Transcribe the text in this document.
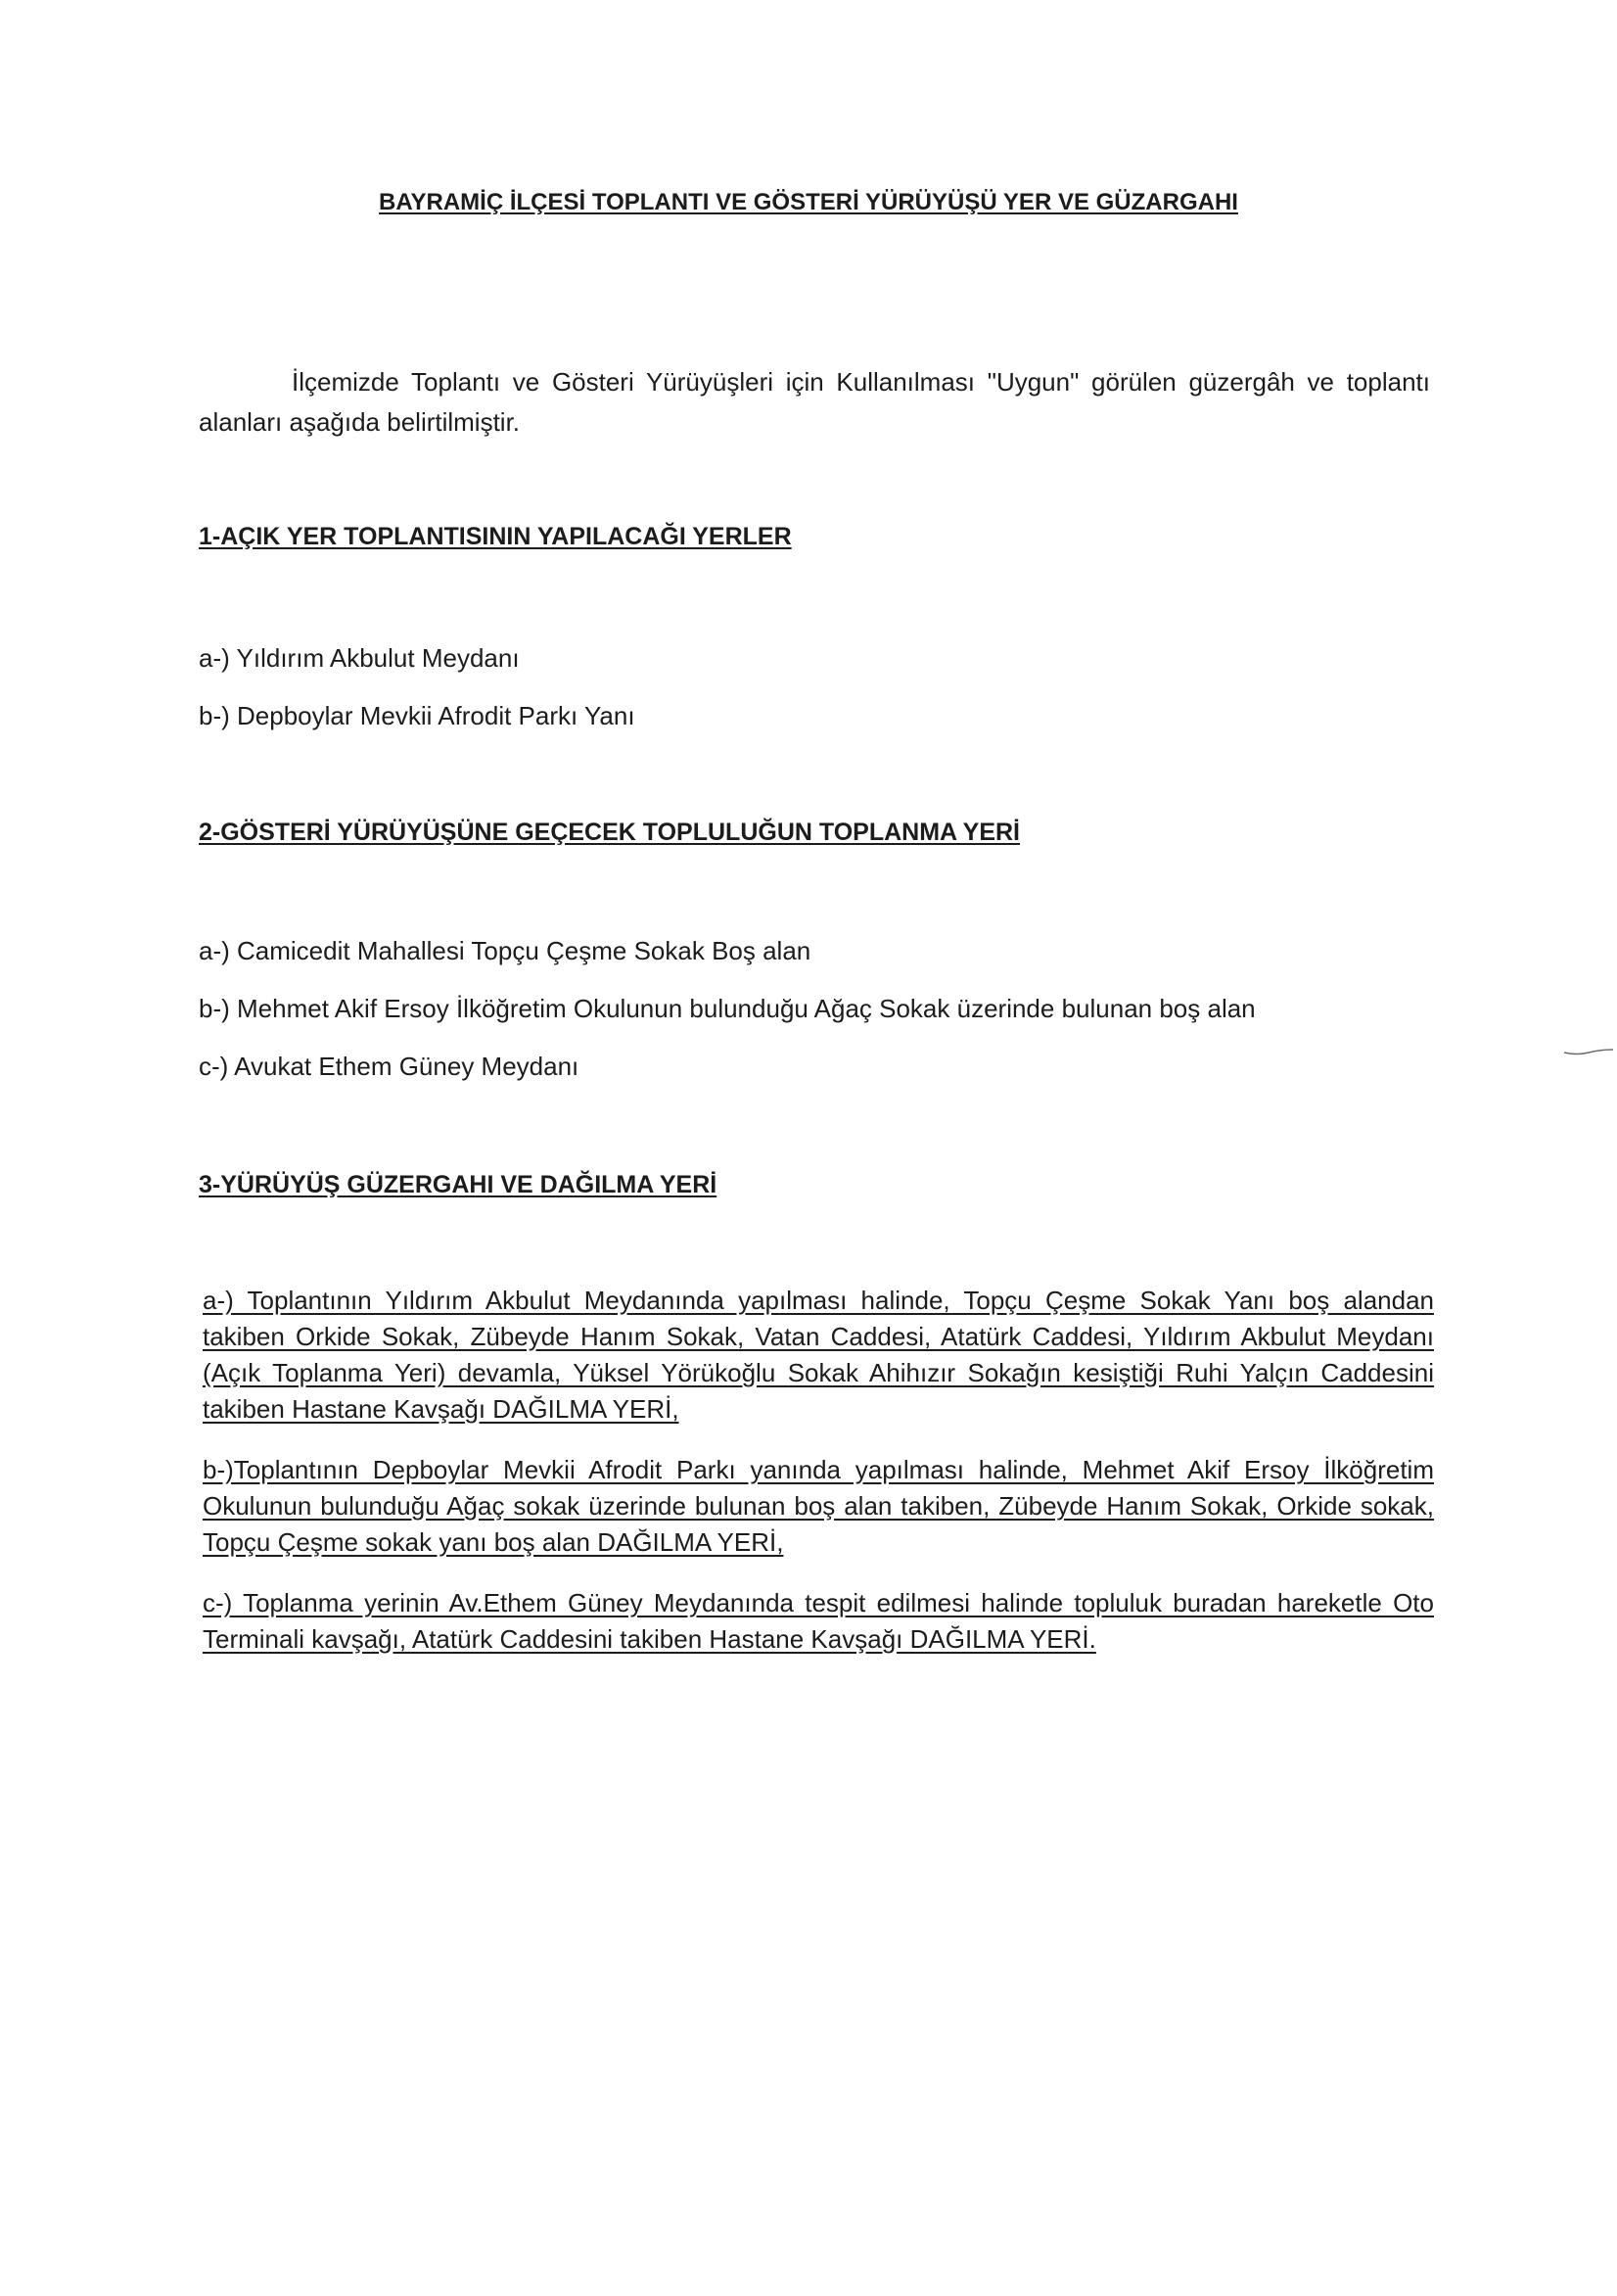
BAYRAMİÇ İLÇESİ TOPLANTI VE GÖSTERİ YÜRÜYÜŞÜ YER VE GÜZARGAHI

İlçemizde Toplantı ve Gösteri Yürüyüşleri için Kullanılması "Uygun" görülen güzergâh ve toplantı alanları aşağıda belirtilmiştir.

1-AÇIK YER TOPLANTISININ YAPILACAĞI YERLER

a-) Yıldırım Akbulut Meydanı

b-) Depboylar Mevkii Afrodit Parkı Yanı

2-GÖSTERİ YÜRÜYÜŞÜNE GEÇECEK TOPLULUĞUN TOPLANMA YERİ

a-) Camicedit Mahallesi Topçu Çeşme Sokak Boş alan

b-) Mehmet Akif Ersoy İlköğretim Okulunun bulunduğu Ağaç Sokak üzerinde bulunan boş alan

c-) Avukat Ethem Güney Meydanı

3-YÜRÜYÜŞ GÜZERGAHI VE DAĞILMA YERİ

a-) Toplantının Yıldırım Akbulut Meydanında yapılması halinde, Topçu Çeşme Sokak Yanı boş alandan takiben Orkide Sokak, Zübeyde Hanım Sokak, Vatan Caddesi, Atatürk Caddesi, Yıldırım Akbulut Meydanı (Açık Toplanma Yeri) devamla, Yüksel Yörükoğlu Sokak Ahihızır Sokağın kesiştiği Ruhi Yalçın Caddesini takiben Hastane Kavşağı DAĞILMA YERİ,

b-)Toplantının Depboylar Mevkii Afrodit Parkı yanında yapılması halinde, Mehmet Akif Ersoy İlköğretim Okulunun bulunduğu Ağaç sokak üzerinde bulunan boş alan takiben, Zübeyde Hanım Sokak, Orkide sokak, Topçu Çeşme sokak yanı boş alan DAĞILMA YERİ,

c-) Toplanma yerinin Av.Ethem Güney Meydanında tespit edilmesi halinde topluluk buradan hareketle Oto Terminali kavşağı, Atatürk Caddesini takiben Hastane Kavşağı DAĞILMA YERİ.
